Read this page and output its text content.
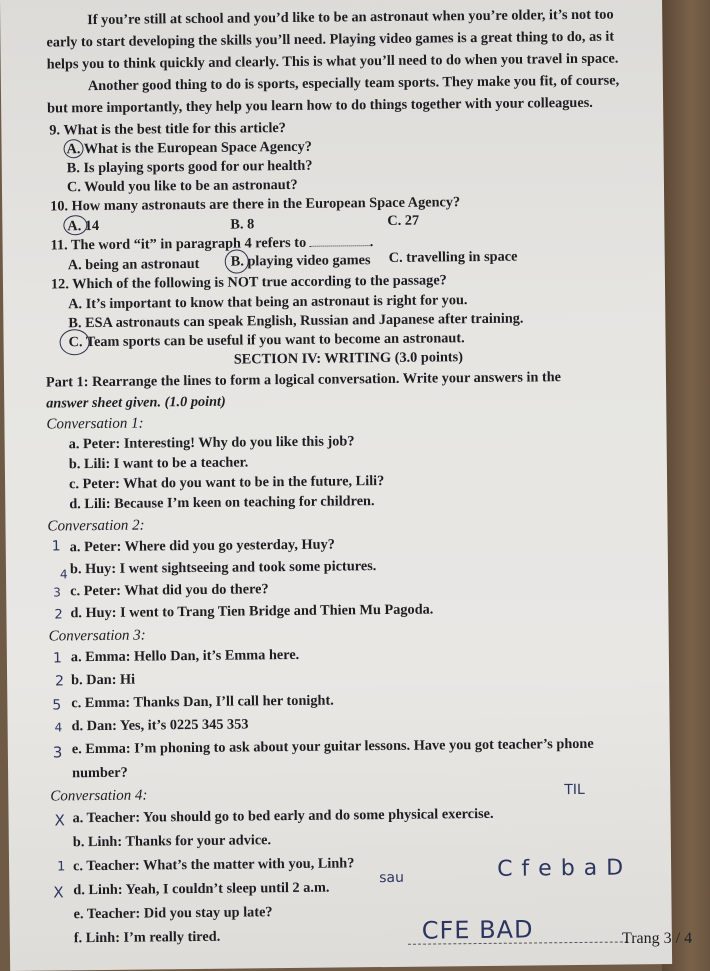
If you’re still at school and you’d like to be an astronaut when you’re older, it’s not too
early to start developing the skills you’ll need. Playing video games is a great thing to do, as it
helps you to think quickly and clearly. This is what you’ll need to do when you travel in space.
Another good thing to do is sports, especially team sports. They make you fit, of course,
but more importantly, they help you learn how to do things together with your colleagues.
9. What is the best title for this article?
A. What is the European Space Agency?
B. Is playing sports good for our health?
C. Would you like to be an astronaut?
10. How many astronauts are there in the European Space Agency?
A. 14	B. 8	C. 27
11. The word “it” in paragraph 4 refers to	.
A. being an astronaut B. playing video games C. travelling in space
12. Which of the following is NOT true according to the passage?
A. It’s important to know that being an astronaut is right for you.
B. ESA astronauts can speak English, Russian and Japanese after training.
C. Team sports can be useful if you want to become an astronaut.
SECTION IV: WRITING (3.0 points)
Part 1: Rearrange the lines to form a logical conversation. Write your answers in the
answer sheet given. (1.0 point)
Conversation 1:
a. Peter: Interesting! Why do you like this job?
b. Lili: I want to be a teacher.
c. Peter: What do you want to be in the future, Lili?
d. Lili: Because I’m keen on teaching for children.
Conversation 2:
a. Peter: Where did you go yesterday, Huy?
b. Huy: I went sightseeing and took some pictures.
c. Peter: What did you do there?
d. Huy: I went to Trang Tien Bridge and Thien Mu Pagoda.
1
4
3
2
Conversation 3:
a. Emma: Hello Dan, it’s Emma here.
b. Dan: Hi
c. Emma: Thanks Dan, I’ll call her tonight.
d. Dan: Yes, it’s 0225 345 353
e. Emma: I’m phoning to ask about your guitar lessons. Have you got teacher’s phone
number?
1
2
5
4
3
Conversation 4:
a. Teacher: You should go to bed early and do some physical exercise.
b. Linh: Thanks for your advice.
c. Teacher: What’s the matter with you, Linh?
d. Linh: Yeah, I couldn’t sleep until 2 a.m.
e. Teacher: Did you stay up late?
f. Linh: I’m really tired.
X
1
X
TIL
sau	C f e b a D
CFE BAD	Trang 3 / 4
